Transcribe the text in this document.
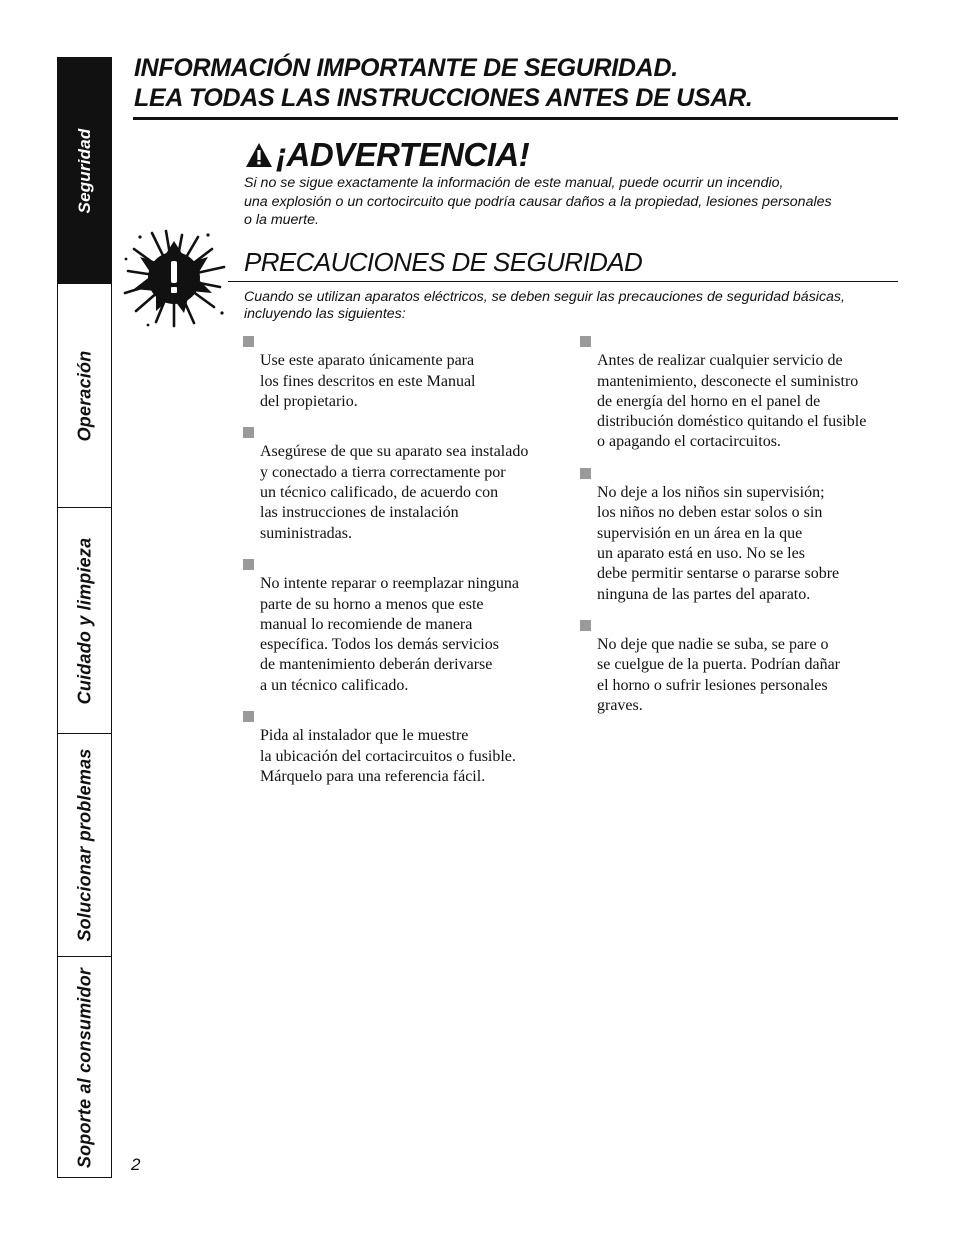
Seguridad
Operación
Cuidado y limpieza
Solucionar problemas
Soporte al consumidor
INFORMACIÓN IMPORTANTE DE SEGURIDAD.
LEA TODAS LAS INSTRUCCIONES ANTES DE USAR.
¡ADVERTENCIA!
Si no se sigue exactamente la información de este manual, puede ocurrir un incendio,
una explosión o un cortocircuito que podría causar daños a la propiedad, lesiones personales
o la muerte.
PRECAUCIONES DE SEGURIDAD
Cuando se utilizan aparatos eléctricos, se deben seguir las precauciones de seguridad básicas,
incluyendo las siguientes:

Use este aparato únicamente para
los fines descritos en este Manual
del propietario.

Asegúrese de que su aparato sea instalado
y conectado a tierra correctamente por
un técnico calificado, de acuerdo con
las instrucciones de instalación
suministradas.

No intente reparar o reemplazar ninguna
parte de su horno a menos que este
manual lo recomiende de manera
específica. Todos los demás servicios
de mantenimiento deberán derivarse
a un técnico calificado.

Pida al instalador que le muestre
la ubicación del cortacircuitos o fusible.
Márquelo para una referencia fácil.

Antes de realizar cualquier servicio de
mantenimiento, desconecte el suministro
de energía del horno en el panel de
distribución doméstico quitando el fusible
o apagando el cortacircuitos.

No deje a los niños sin supervisión;
los niños no deben estar solos o sin
supervisión en un área en la que
un aparato está en uso. No se les
debe permitir sentarse o pararse sobre
ninguna de las partes del aparato.

No deje que nadie se suba, se pare o
se cuelgue de la puerta. Podrían dañar
el horno o sufrir lesiones personales
graves.

2
